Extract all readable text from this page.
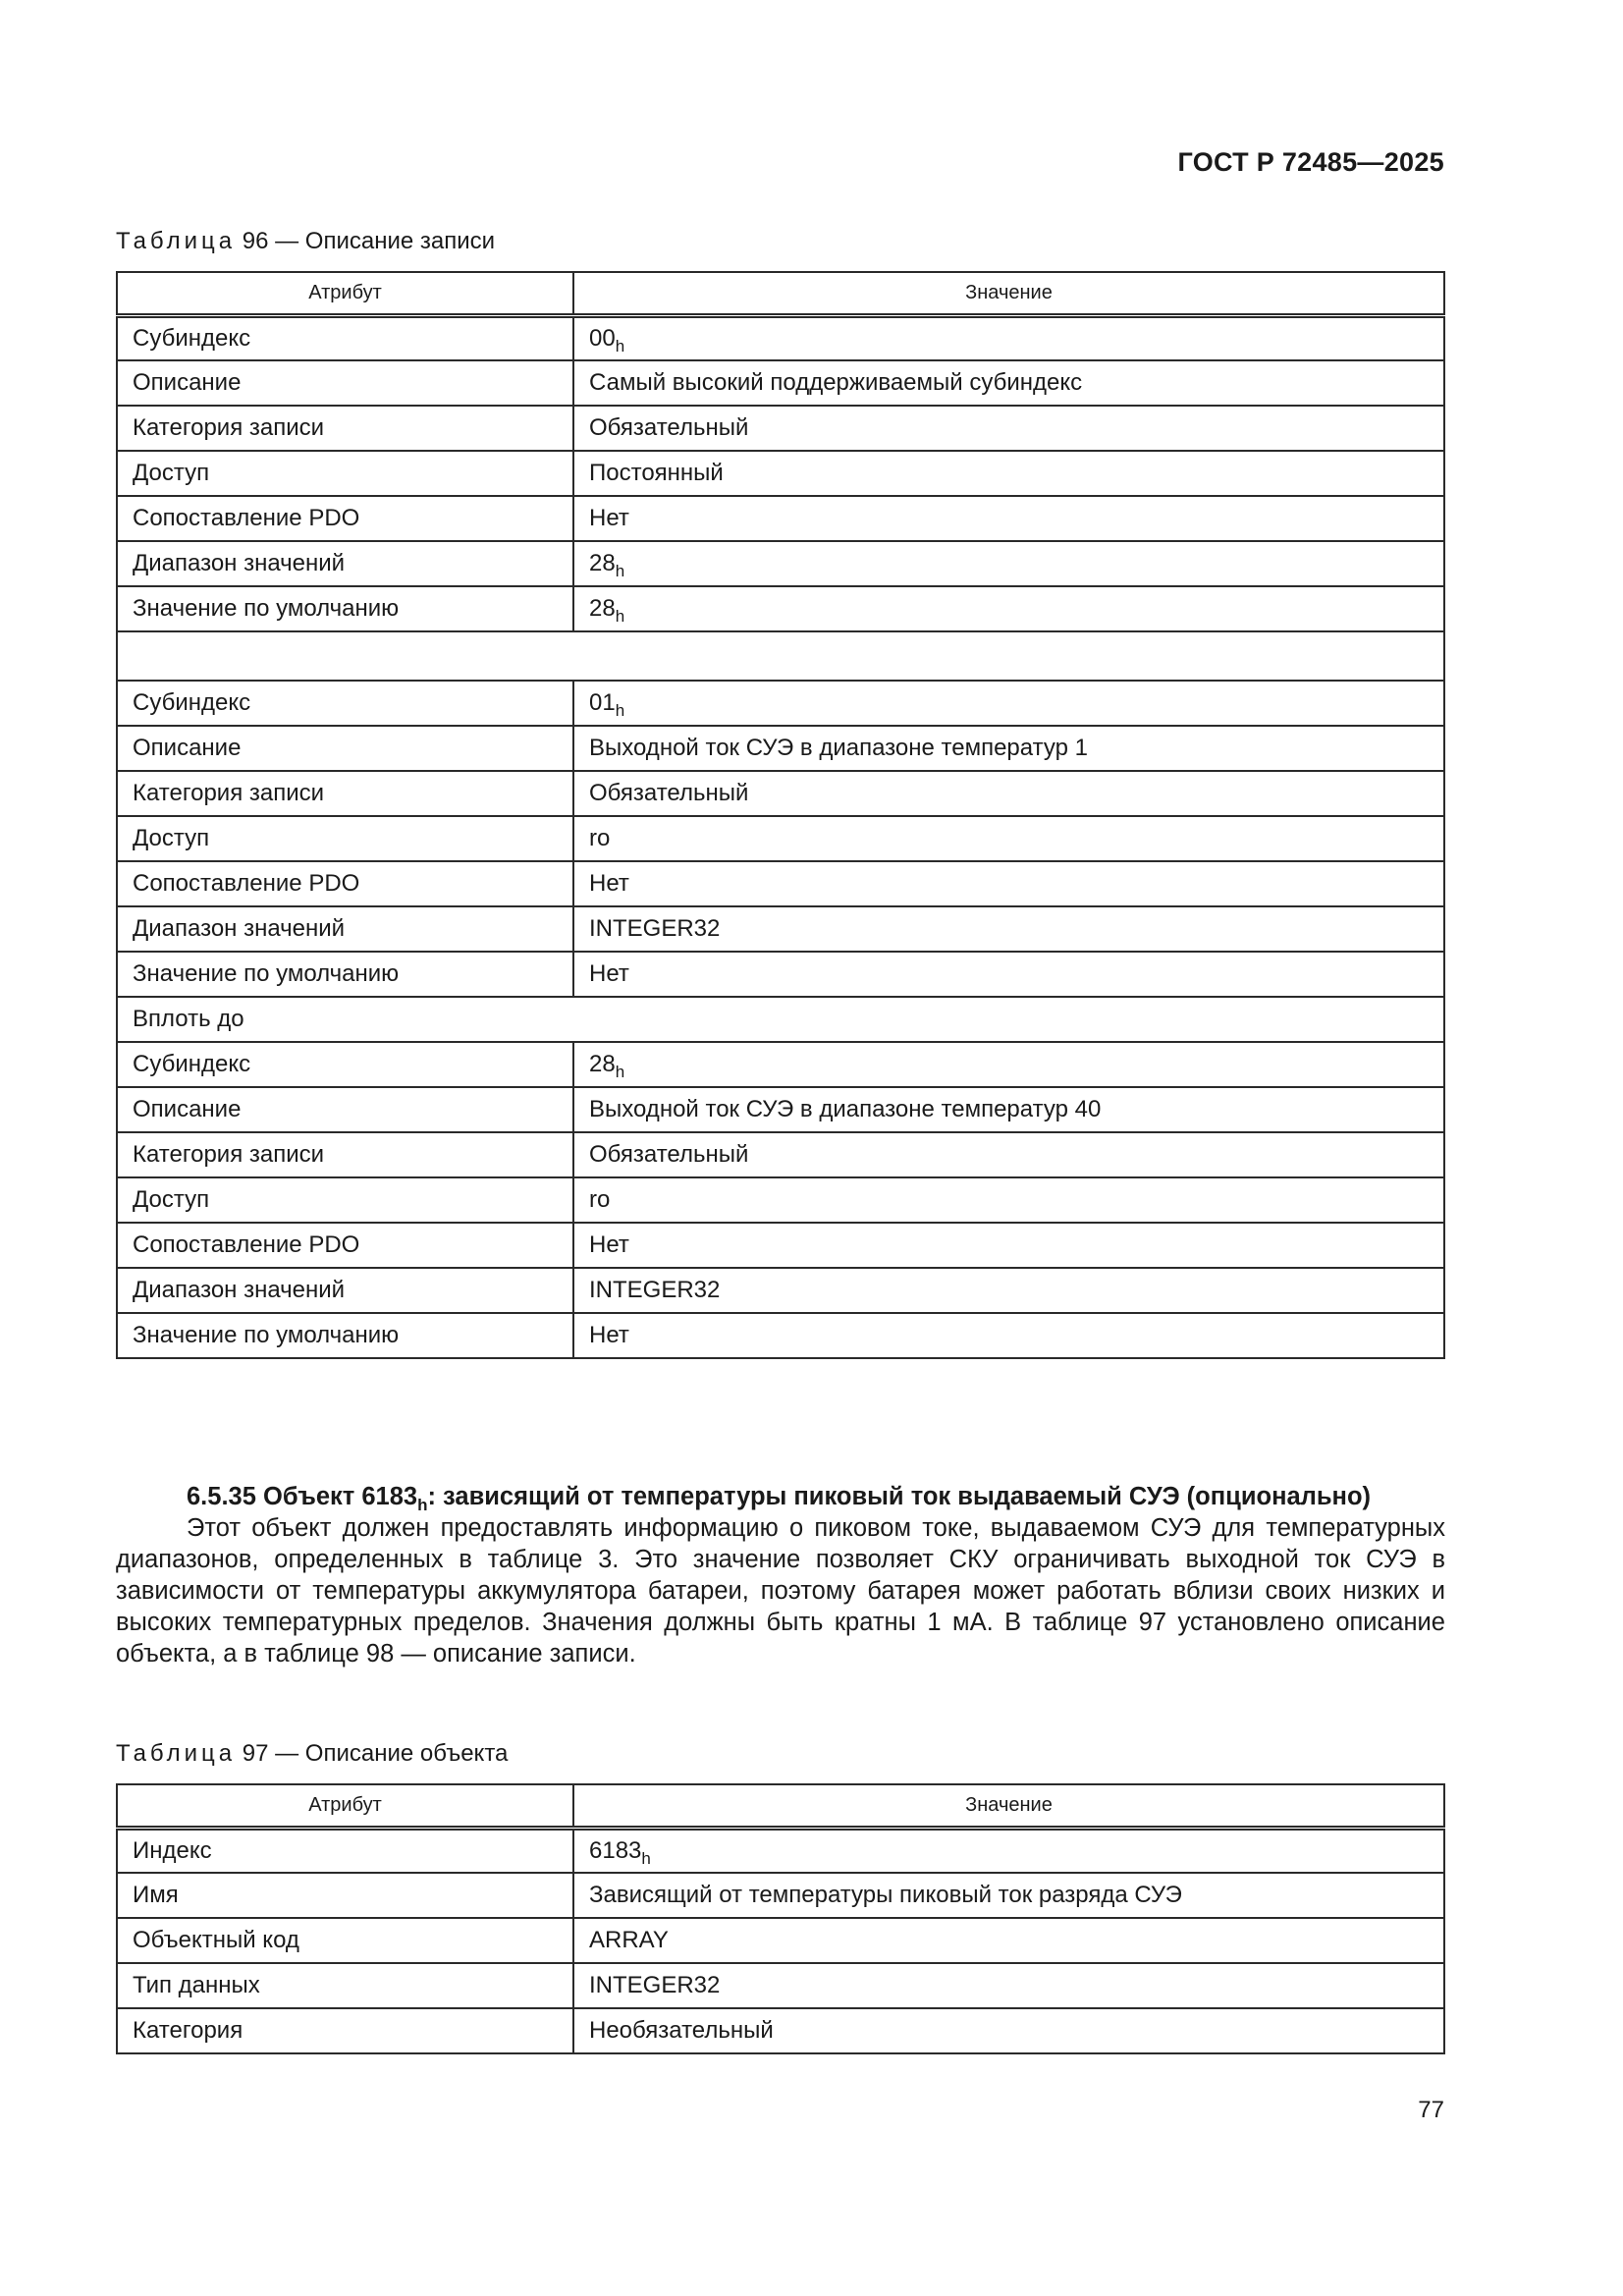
ГОСТ Р 72485—2025
Таблица 96 — Описание записи
Атрибут	Значение
Субиндекс	$00_h$
Описание	Самый высокий поддерживаемый субиндекс
Категория записи	Обязательный
Доступ	Постоянный
Сопоставление PDO	Нет
Диапазон значений	$28_h$
Значение по умолчанию	$28_h$

Субиндекс	$01_h$
Описание	Выходной ток СУЭ в диапазоне температур 1
Категория записи	Обязательный
Доступ	ro
Сопоставление PDO	Нет
Диапазон значений	INTEGER32
Значение по умолчанию	Нет
Вплоть до	
Субиндекс	$28_h$
Описание	Выходной ток СУЭ в диапазоне температур 40
Категория записи	Обязательный
Доступ	ro
Сопоставление PDO	Нет
Диапазон значений	INTEGER32
Значение по умолчанию	Нет
6.5.35 Объект $6183_h$: зависящий от температуры пиковый ток выдаваемый СУЭ (опционально)

Этот объект должен предоставлять информацию о пиковом токе, выдаваемом СУЭ для температурных диапазонов, определенных в таблице 3. Это значение позволяет СКУ ограничивать выходной ток СУЭ в зависимости от температуры аккумулятора батареи, поэтому батарея может работать вблизи своих низких и высоких температурных пределов. Значения должны быть кратны 1 мА. В таблице 97 установлено описание объекта, а в таблице 98 — описание записи.

Таблица 97 — Описание объекта
Атрибут	Значение
Индекс	$6183_h$
Имя	Зависящий от температуры пиковый ток разряда СУЭ
Объектный код	ARRAY
Тип данных	INTEGER32
Категория	Необязательный
77
